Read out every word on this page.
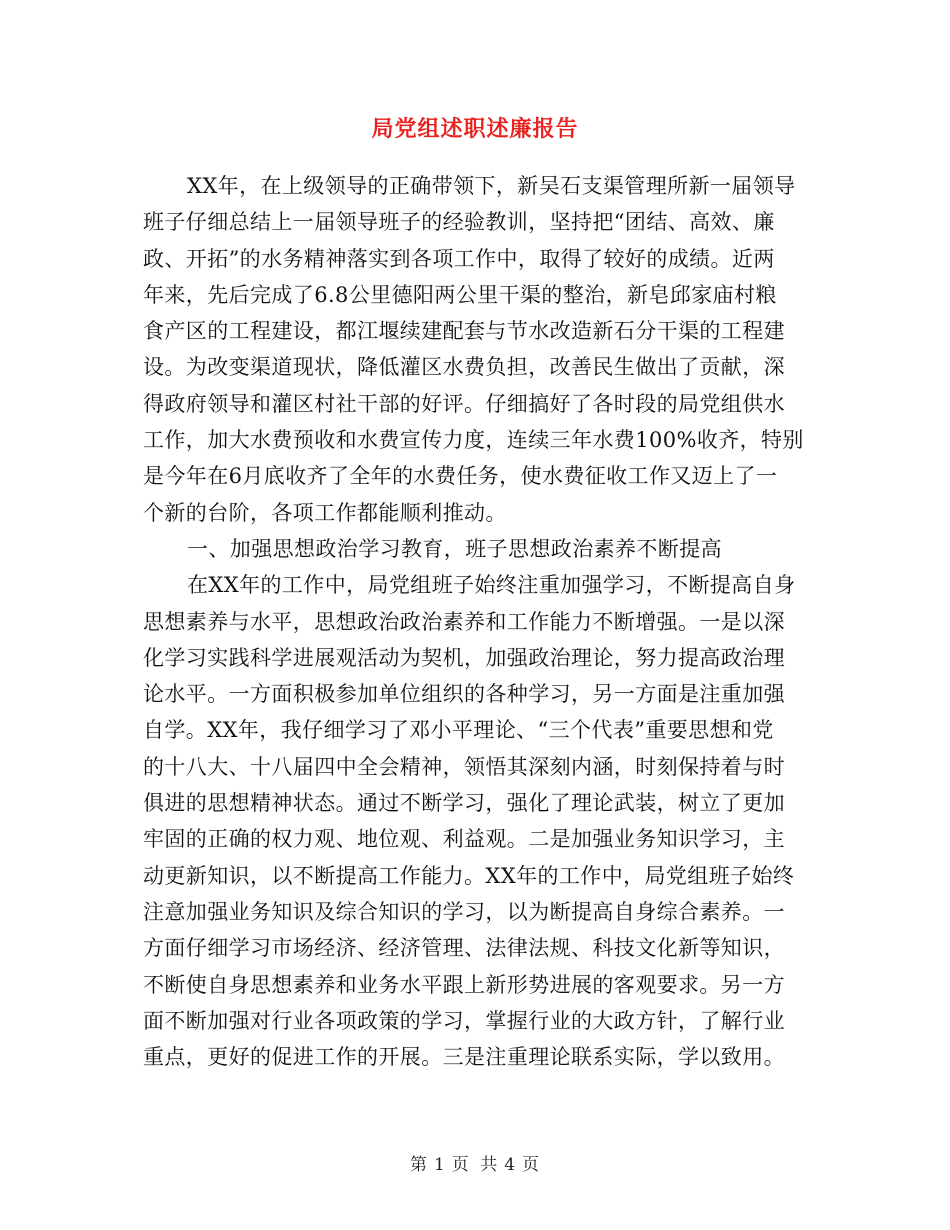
局党组述职述廉报告
XX年，在上级领导的正确带领下，新吴石支渠管理所新一届领导
班子仔细总结上一届领导班子的经验教训，坚持把“团结、高效、廉
政、开拓”的水务精神落实到各项工作中，取得了较好的成绩。近两
年来，先后完成了6.8公里德阳两公里干渠的整治，新皂邱家庙村粮
食产区的工程建设，都江堰续建配套与节水改造新石分干渠的工程建
设。为改变渠道现状，降低灌区水费负担，改善民生做出了贡献，深
得政府领导和灌区村社干部的好评。仔细搞好了各时段的局党组供水
工作，加大水费预收和水费宣传力度，连续三年水费100%收齐，特别
是今年在6月底收齐了全年的水费任务，使水费征收工作又迈上了一
个新的台阶，各项工作都能顺利推动。
一、加强思想政治学习教育，班子思想政治素养不断提高
在XX年的工作中，局党组班子始终注重加强学习，不断提高自身
思想素养与水平，思想政治政治素养和工作能力不断增强。一是以深
化学习实践科学进展观活动为契机，加强政治理论，努力提高政治理
论水平。一方面积极参加单位组织的各种学习，另一方面是注重加强
自学。XX年，我仔细学习了邓小平理论、“三个代表”重要思想和党
的十八大、十八届四中全会精神，领悟其深刻内涵，时刻保持着与时
俱进的思想精神状态。通过不断学习，强化了理论武装，树立了更加
牢固的正确的权力观、地位观、利益观。二是加强业务知识学习，主
动更新知识，以不断提高工作能力。XX年的工作中，局党组班子始终
注意加强业务知识及综合知识的学习，以为断提高自身综合素养。一
方面仔细学习市场经济、经济管理、法律法规、科技文化新等知识，
不断使自身思想素养和业务水平跟上新形势进展的客观要求。另一方
面不断加强对行业各项政策的学习，掌握行业的大政方针，了解行业
重点，更好的促进工作的开展。三是注重理论联系实际，学以致用。
第 1 页 共 4 页
